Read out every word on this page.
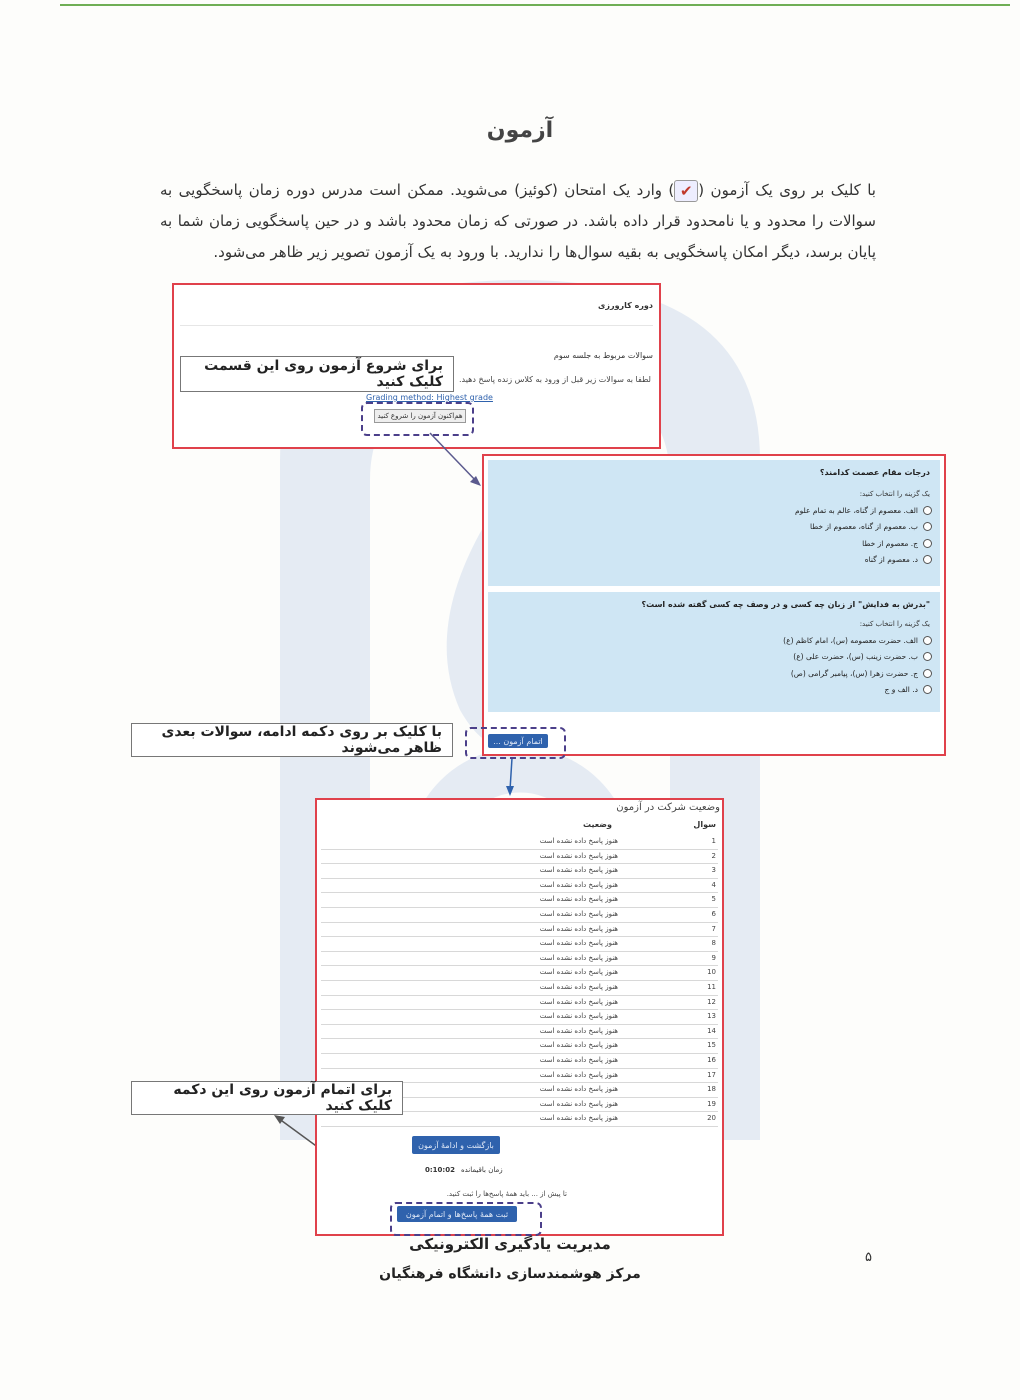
آزمون
با کلیک بر روی یک آزمون (✔) وارد یک امتحان (کوئیز) می‌شوید. ممکن است مدرس دوره زمان پاسخگویی به سوالات را محدود و یا نامحدود قرار داده باشد. در صورتی که زمان محدود باشد و در حین پاسخگویی زمان شما به پایان برسد، دیگر امکان پاسخگویی به بقیه سوال‌ها را ندارید. با ورود به یک آزمون تصویر زیر ظاهر می‌شود.
دوره کارورزی
سوالات مربوط به جلسه سوم
لطفا به سوالات زیر قبل از ورود به کلاس زنده پاسخ دهید.
Grading method: Highest grade
هم‌اکنون آزمون را شروع کنید
برای شروع آزمون روی این قسمت کلیک کنید
درجات مقام عصمت کدامند؟
یک گزینه را انتخاب کنید:
الف. معصوم از گناه، عالم به تمام علوم
ب. معصوم از گناه، معصوم از خطا
ج. معصوم از خطا
د. معصوم از گناه
"بدرش به فدایش" از زبان چه کسی و در وصف چه کسی گفته شده است؟
یک گزینه را انتخاب کنید:
الف. حضرت معصومه (س)، امام کاظم (ع)
ب. حضرت زینب (س)، حضرت علی (ع)
ج. حضرت زهرا (س)، پیامبر گرامی (ص)
د. الف و ج
اتمام آزمون ...
با کلیک بر روی دکمه ادامه، سوالات بعدی ظاهر می‌شوند
وضعیت شرکت در آزمون
سوال
وضعیت
1
هنوز پاسخ داده نشده است
2
هنوز پاسخ داده نشده است
3
هنوز پاسخ داده نشده است
4
هنوز پاسخ داده نشده است
5
هنوز پاسخ داده نشده است
6
هنوز پاسخ داده نشده است
7
هنوز پاسخ داده نشده است
8
هنوز پاسخ داده نشده است
9
هنوز پاسخ داده نشده است
10
هنوز پاسخ داده نشده است
11
هنوز پاسخ داده نشده است
12
هنوز پاسخ داده نشده است
13
هنوز پاسخ داده نشده است
14
هنوز پاسخ داده نشده است
15
هنوز پاسخ داده نشده است
16
هنوز پاسخ داده نشده است
17
هنوز پاسخ داده نشده است
18
هنوز پاسخ داده نشده است
19
هنوز پاسخ داده نشده است
20
هنوز پاسخ داده نشده است
بازگشت و ادامهٔ آزمون
زمان باقیمانده
0:10:02
تا پیش از ... باید همهٔ پاسخ‌ها را ثبت کنید.
ثبت همهٔ پاسخ‌ها و اتمام آزمون
برای اتمام آزمون روی این دکمه کلیک کنید
مدیریت یادگیری الکترونیکی
مرکز هوشمندسازی دانشگاه فرهنگیان
۵
